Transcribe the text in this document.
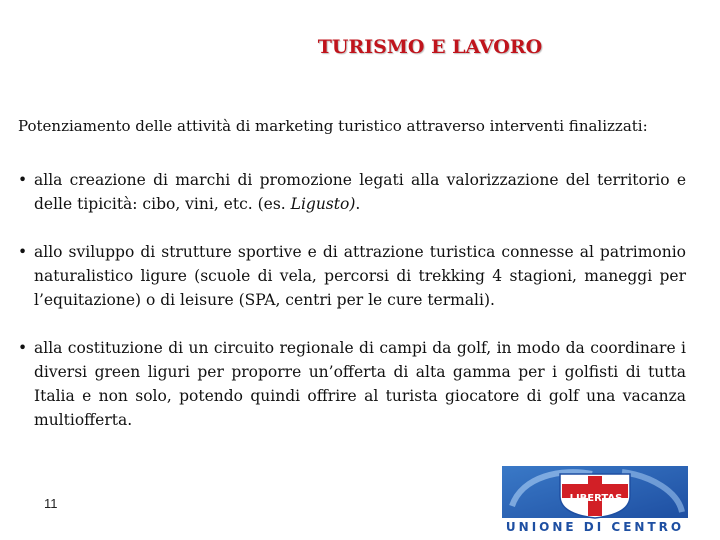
TURISMO E LAVORO
Potenziamento delle attività di marketing turistico attraverso interventi finalizzati:
• alla creazione di marchi di promozione legati alla valorizzazione del territorio e delle tipicità: cibo, vini, etc. (es. Ligusto).
• allo sviluppo di strutture sportive e di attrazione turistica connesse al patrimonio naturalistico ligure (scuole di vela, percorsi di trekking 4 stagioni, maneggi per l’equitazione) o di leisure (SPA, centri per le cure termali).
• alla costituzione di un circuito regionale di campi da golf, in modo da coordinare i diversi green liguri per proporre un’offerta di alta gamma per i golfisti di tutta Italia e non solo, potendo quindi offrire al turista giocatore di golf una vacanza multiofferta.
11	LIBERTAS
UNIONE DI CENTRO
